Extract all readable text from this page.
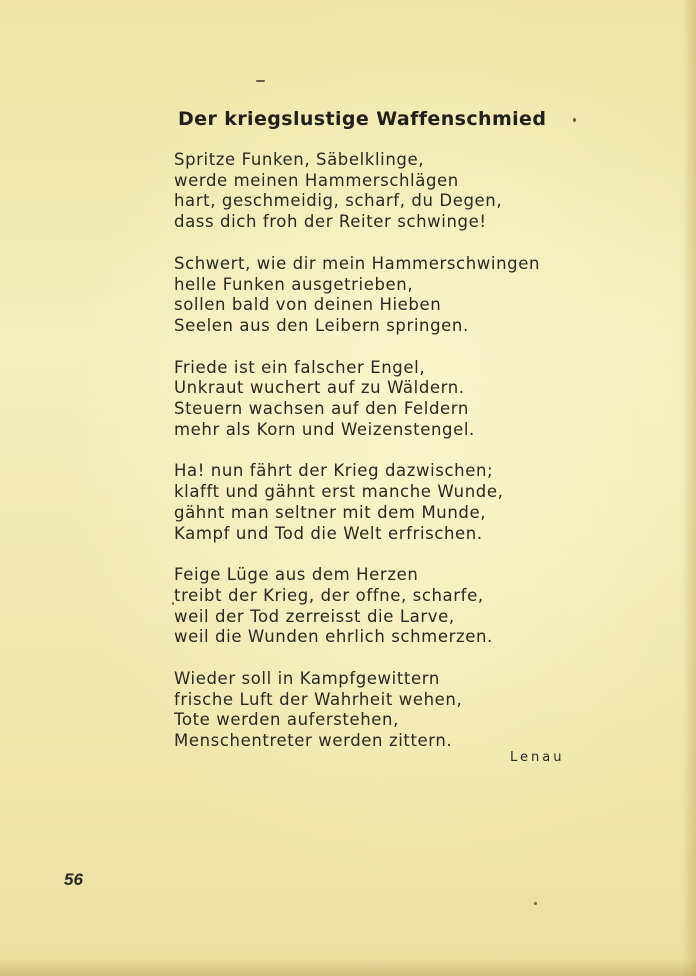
Der kriegslustige Waffenschmied
Spritze Funken, Säbelklinge,
werde meinen Hammerschlägen
hart, geschmeidig, scharf, du Degen,
dass dich froh der Reiter schwinge!
Schwert, wie dir mein Hammerschwingen
helle Funken ausgetrieben,
sollen bald von deinen Hieben
Seelen aus den Leibern springen.
Friede ist ein falscher Engel,
Unkraut wuchert auf zu Wäldern.
Steuern wachsen auf den Feldern
mehr als Korn und Weizenstengel.
Ha! nun fährt der Krieg dazwischen;
klafft und gähnt erst manche Wunde,
gähnt man seltner mit dem Munde,
Kampf und Tod die Welt erfrischen.
Feige Lüge aus dem Herzen
treibt der Krieg, der offne, scharfe,
weil der Tod zerreisst die Larve,
weil die Wunden ehrlich schmerzen.
Wieder soll in Kampfgewittern
frische Luft der Wahrheit wehen,
Tote werden auferstehen,
Menschentreter werden zittern.
Lenau
56
